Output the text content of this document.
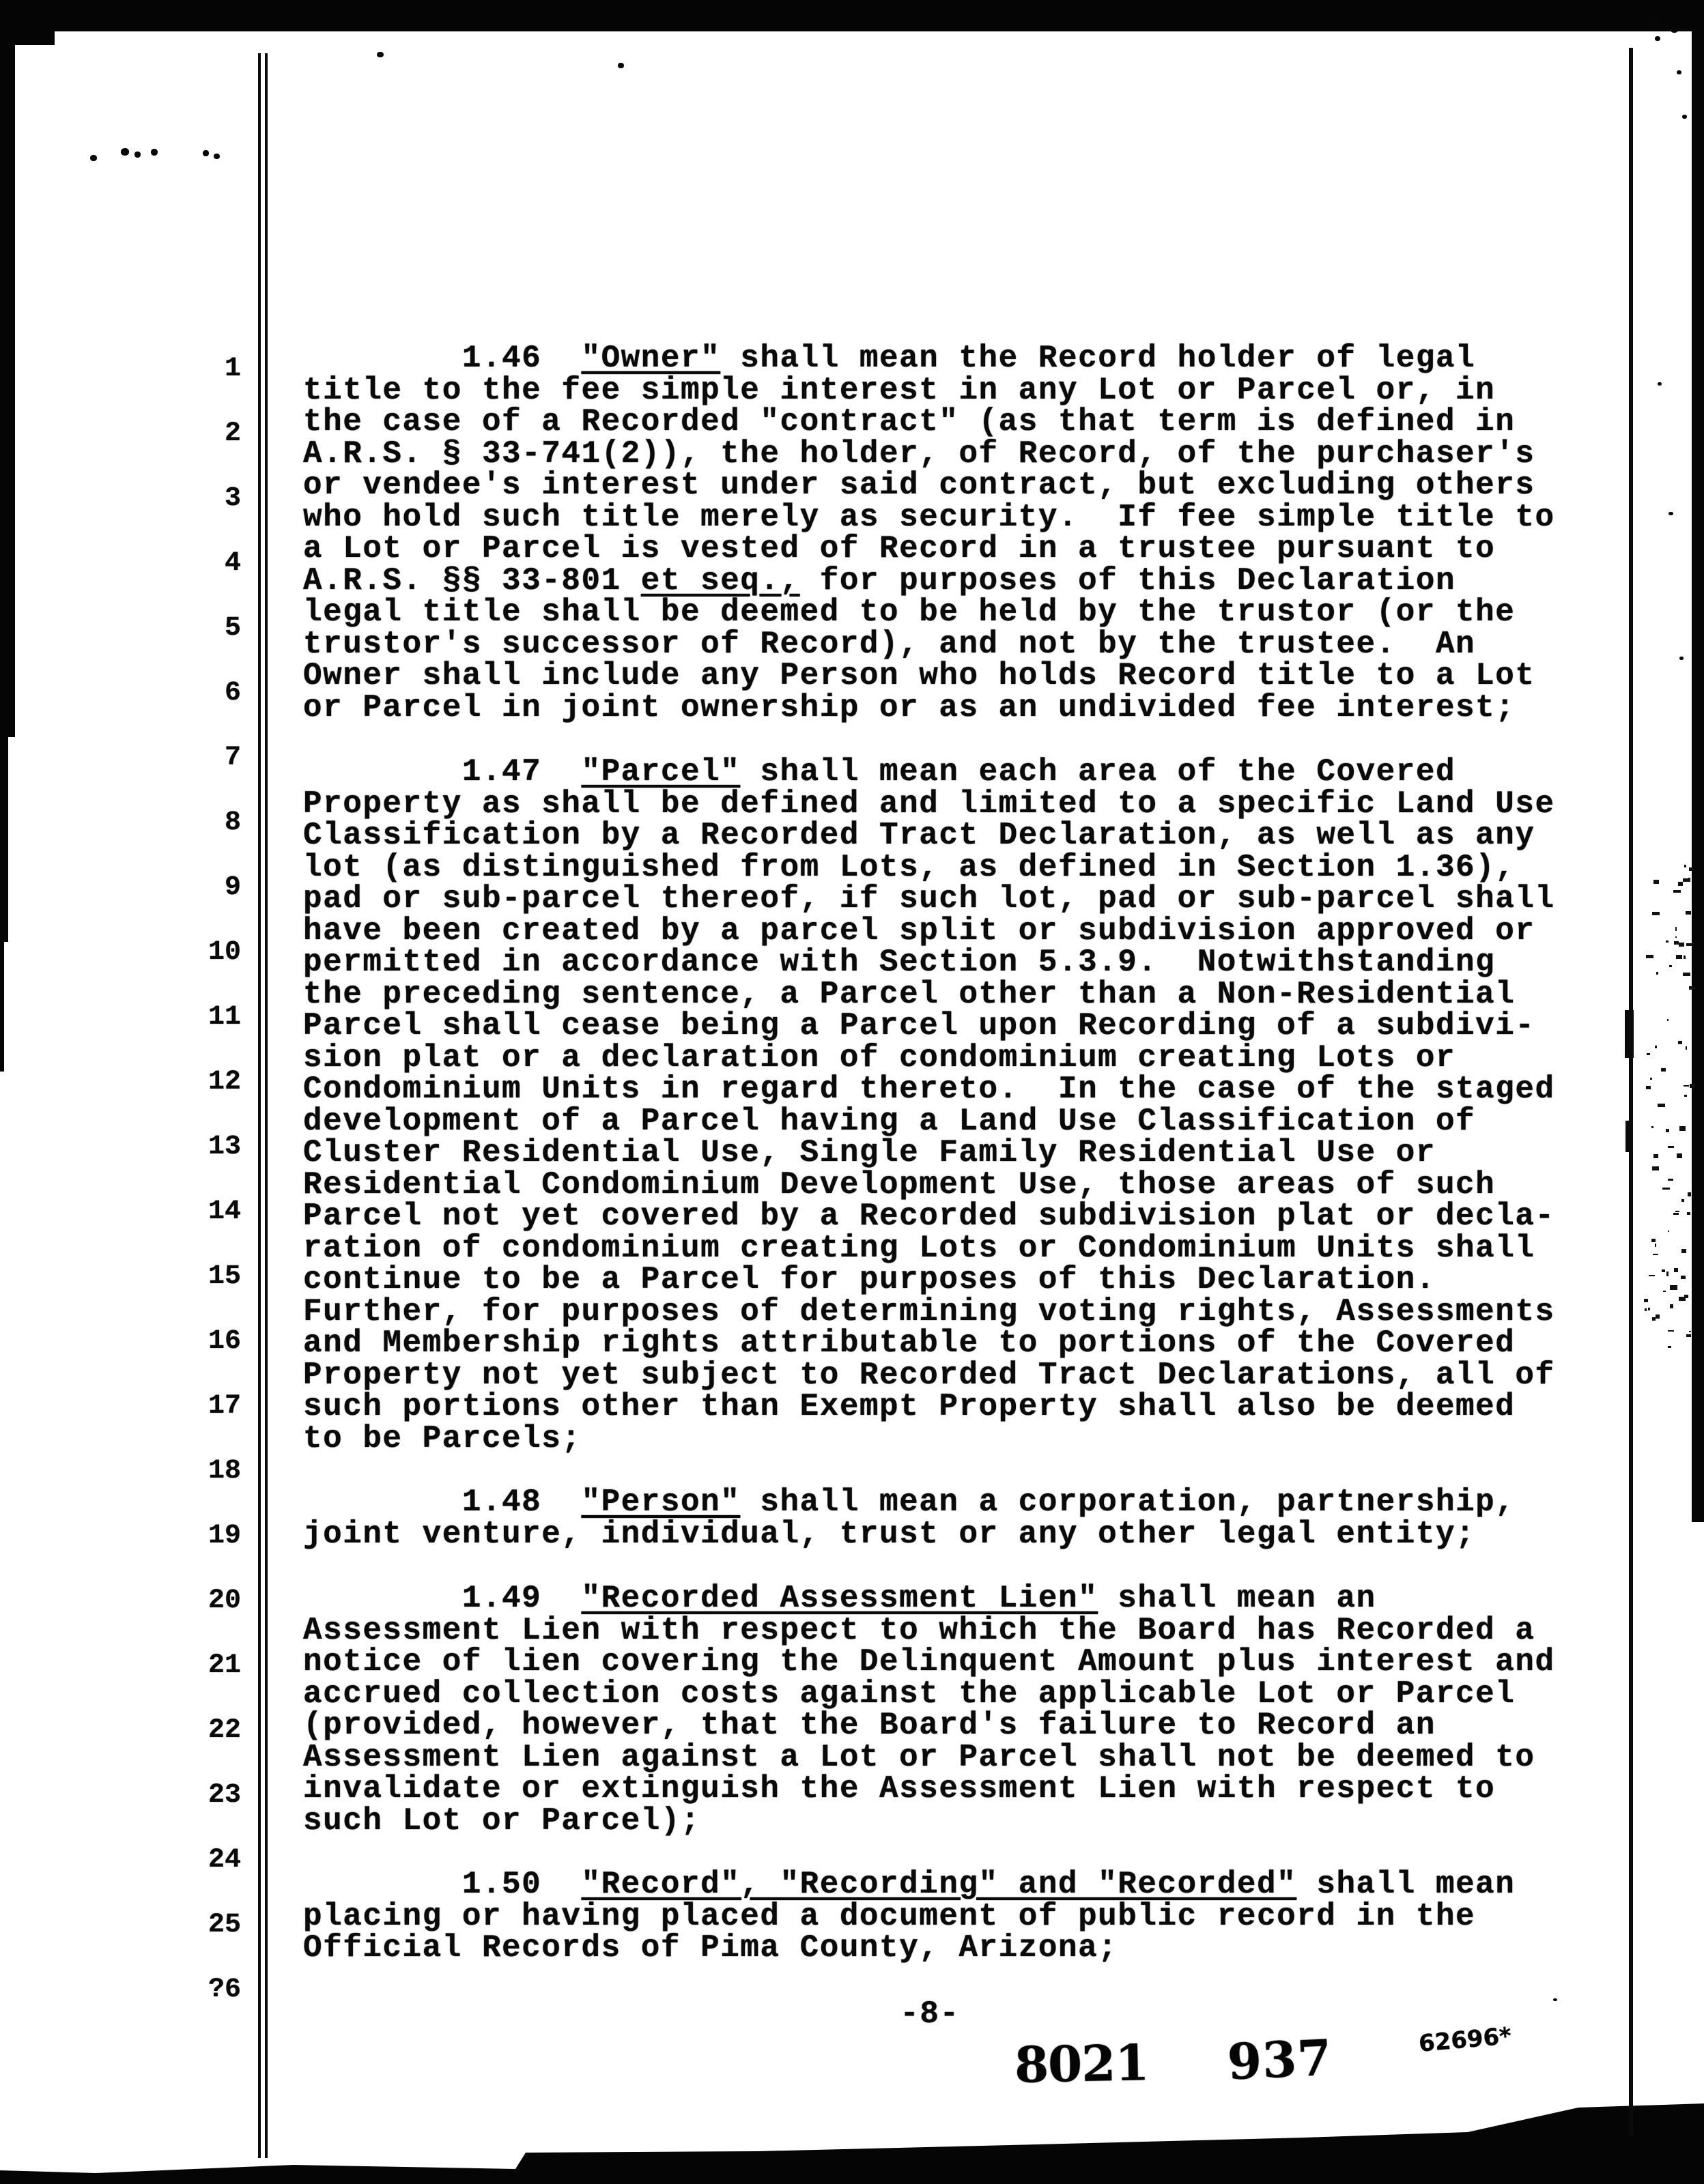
1
2
3
4
5
6
7
8
9
10
11
12
13
14
15
16
17
18
19
20
21
22
23
24
25
?6
1.46  "Owner" shall mean the Record holder of legal
title to the fee simple interest in any Lot or Parcel or, in
the case of a Recorded "contract" (as that term is defined in
A.R.S. § 33-741(2)), the holder, of Record, of the purchaser's
or vendee's interest under said contract, but excluding others
who hold such title merely as security.  If fee simple title to
a Lot or Parcel is vested of Record in a trustee pursuant to
A.R.S. §§ 33-801 et seq., for purposes of this Declaration
legal title shall be deemed to be held by the trustor (or the
trustor's successor of Record), and not by the trustee.  An
Owner shall include any Person who holds Record title to a Lot
or Parcel in joint ownership or as an undivided fee interest;
1.47  "Parcel" shall mean each area of the Covered
Property as shall be defined and limited to a specific Land Use
Classification by a Recorded Tract Declaration, as well as any
lot (as distinguished from Lots, as defined in Section 1.36),
pad or sub-parcel thereof, if such lot, pad or sub-parcel shall
have been created by a parcel split or subdivision approved or
permitted in accordance with Section 5.3.9.  Notwithstanding
the preceding sentence, a Parcel other than a Non-Residential
Parcel shall cease being a Parcel upon Recording of a subdivi-
sion plat or a declaration of condominium creating Lots or
Condominium Units in regard thereto.  In the case of the staged
development of a Parcel having a Land Use Classification of
Cluster Residential Use, Single Family Residential Use or
Residential Condominium Development Use, those areas of such
Parcel not yet covered by a Recorded subdivision plat or decla-
ration of condominium creating Lots or Condominium Units shall
continue to be a Parcel for purposes of this Declaration.
Further, for purposes of determining voting rights, Assessments
and Membership rights attributable to portions of the Covered
Property not yet subject to Recorded Tract Declarations, all of
such portions other than Exempt Property shall also be deemed
to be Parcels;
1.48  "Person" shall mean a corporation, partnership,
joint venture, individual, trust or any other legal entity;
1.49  "Recorded Assessment Lien" shall mean an
Assessment Lien with respect to which the Board has Recorded a
notice of lien covering the Delinquent Amount plus interest and
accrued collection costs against the applicable Lot or Parcel
(provided, however, that the Board's failure to Record an
Assessment Lien against a Lot or Parcel shall not be deemed to
invalidate or extinguish the Assessment Lien with respect to
such Lot or Parcel);
1.50  "Record", "Recording" and "Recorded" shall mean
placing or having placed a document of public record in the
Official Records of Pima County, Arizona;
-8-
8021 937	62696*
